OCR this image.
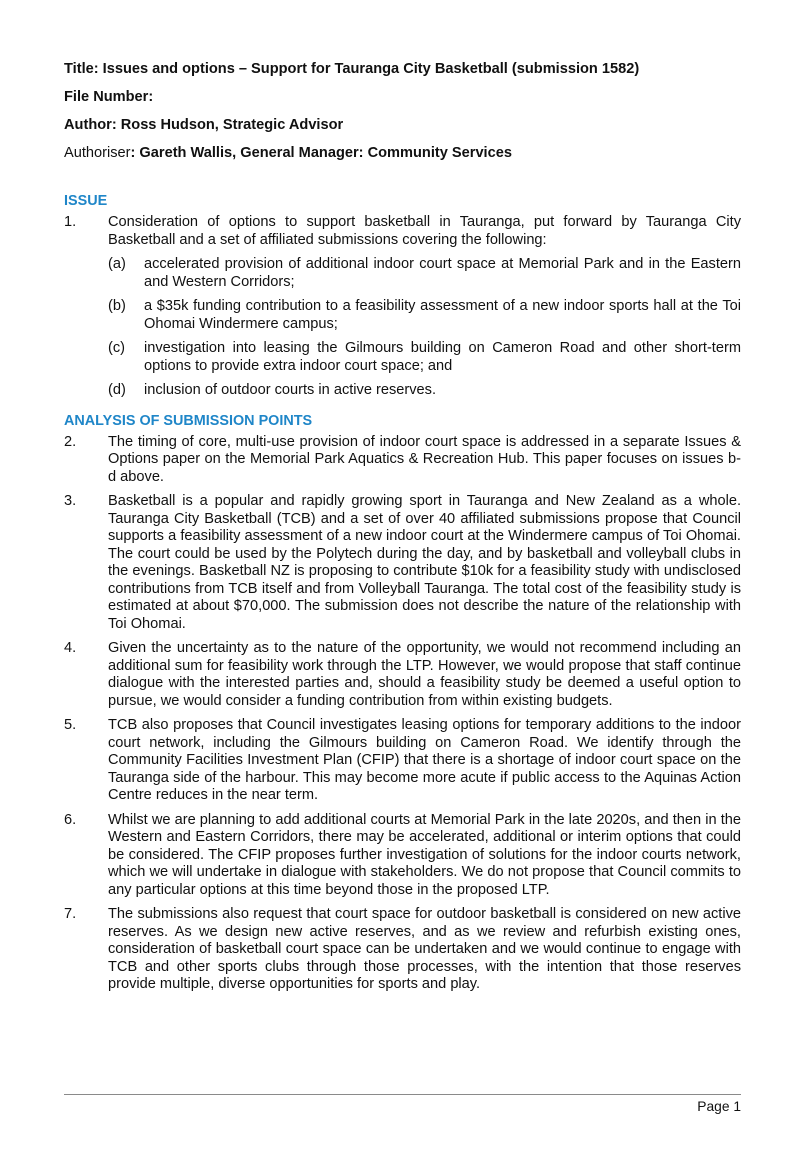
Title: Issues and options – Support for Tauranga City Basketball (submission 1582)
File Number:
Author: Ross Hudson, Strategic Advisor
Authoriser: Gareth Wallis, General Manager: Community Services
ISSUE
1.	Consideration of options to support basketball in Tauranga, put forward by Tauranga City Basketball and a set of affiliated submissions covering the following:
(a)	accelerated provision of additional indoor court space at Memorial Park and in the Eastern and Western Corridors;
(b)	a $35k funding contribution to a feasibility assessment of a new indoor sports hall at the Toi Ohomai Windermere campus;
(c)	investigation into leasing the Gilmours building on Cameron Road and other short-term options to provide extra indoor court space; and
(d)	inclusion of outdoor courts in active reserves.
ANALYSIS OF SUBMISSION POINTS
2.	The timing of core, multi-use provision of indoor court space is addressed in a separate Issues & Options paper on the Memorial Park Aquatics & Recreation Hub. This paper focuses on issues b-d above.
3.	Basketball is a popular and rapidly growing sport in Tauranga and New Zealand as a whole. Tauranga City Basketball (TCB) and a set of over 40 affiliated submissions propose that Council supports a feasibility assessment of a new indoor court at the Windermere campus of Toi Ohomai. The court could be used by the Polytech during the day, and by basketball and volleyball clubs in the evenings. Basketball NZ is proposing to contribute $10k for a feasibility study with undisclosed contributions from TCB itself and from Volleyball Tauranga. The total cost of the feasibility study is estimated at about $70,000. The submission does not describe the nature of the relationship with Toi Ohomai.
4.	Given the uncertainty as to the nature of the opportunity, we would not recommend including an additional sum for feasibility work through the LTP. However, we would propose that staff continue dialogue with the interested parties and, should a feasibility study be deemed a useful option to pursue, we would consider a funding contribution from within existing budgets.
5.	TCB also proposes that Council investigates leasing options for temporary additions to the indoor court network, including the Gilmours building on Cameron Road. We identify through the Community Facilities Investment Plan (CFIP) that there is a shortage of indoor court space on the Tauranga side of the harbour. This may become more acute if public access to the Aquinas Action Centre reduces in the near term.
6.	Whilst we are planning to add additional courts at Memorial Park in the late 2020s, and then in the Western and Eastern Corridors, there may be accelerated, additional or interim options that could be considered. The CFIP proposes further investigation of solutions for the indoor courts network, which we will undertake in dialogue with stakeholders. We do not propose that Council commits to any particular options at this time beyond those in the proposed LTP.
7.	The submissions also request that court space for outdoor basketball is considered on new active reserves. As we design new active reserves, and as we review and refurbish existing ones, consideration of basketball court space can be undertaken and we would continue to engage with TCB and other sports clubs through those processes, with the intention that those reserves provide multiple, diverse opportunities for sports and play.
Page 1
